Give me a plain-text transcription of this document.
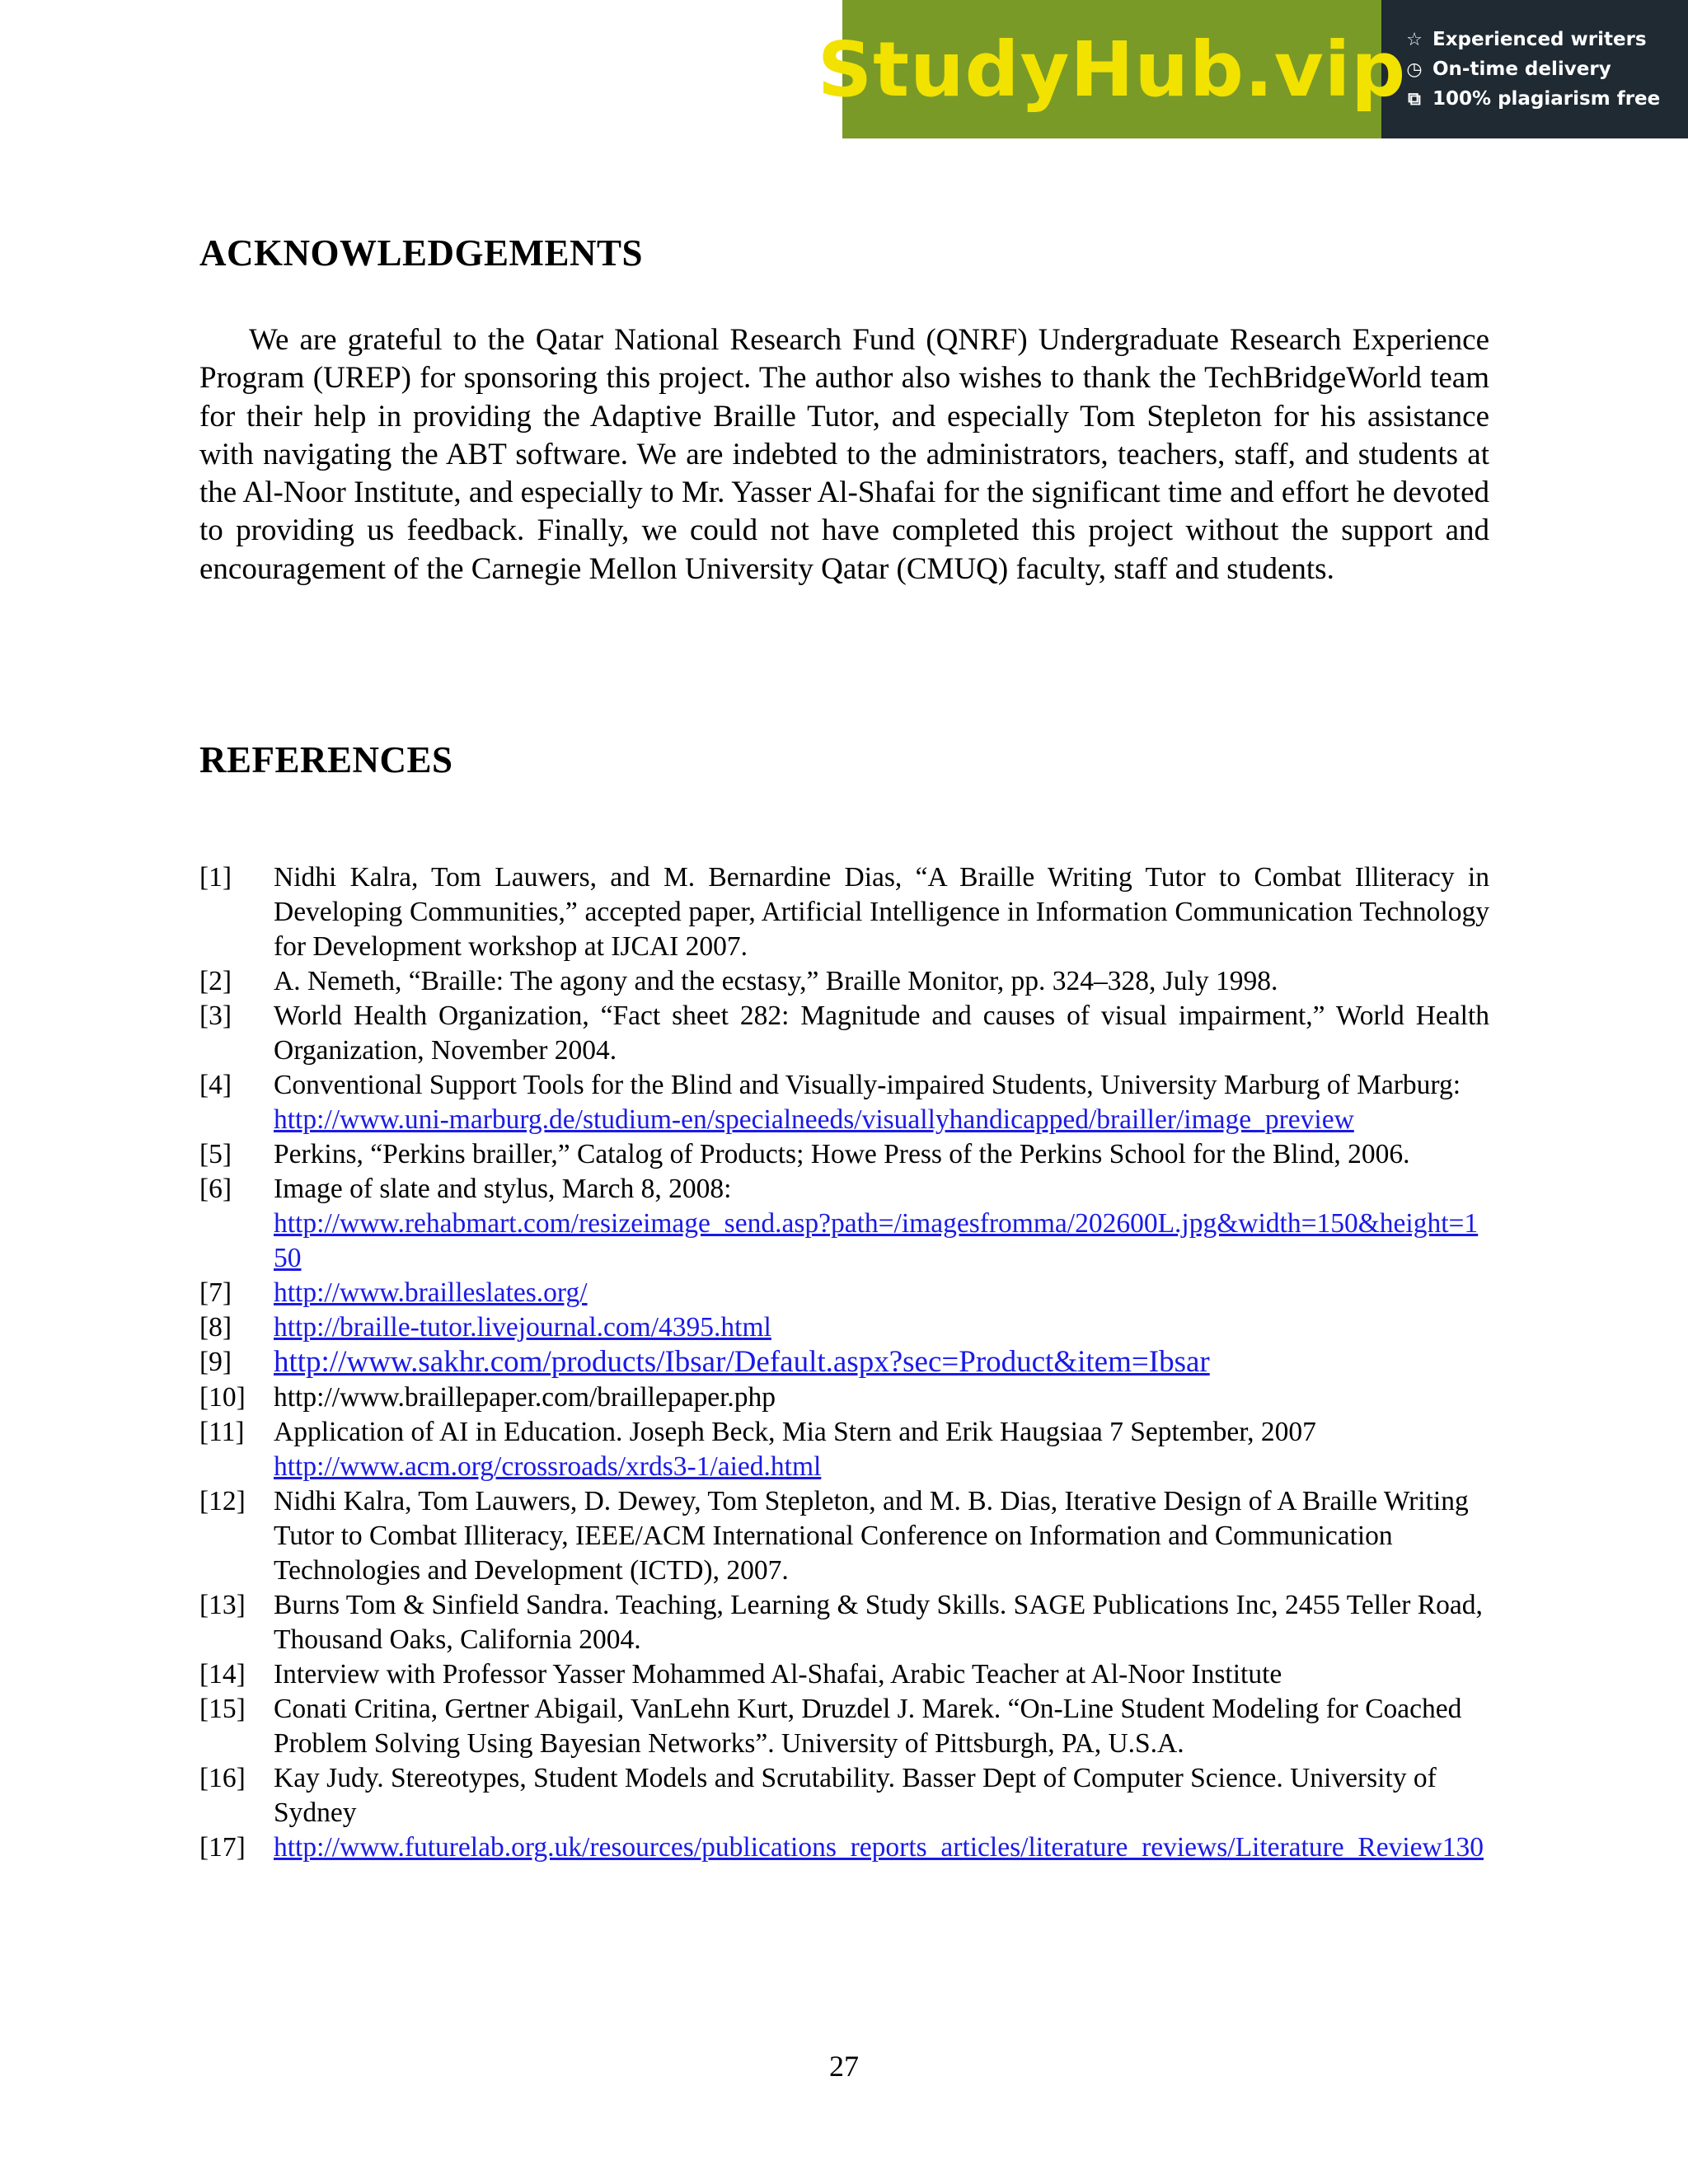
StudyHub.vip ☆ Experienced writers
◷ On-time delivery
⧉ 100% plagiarism free
ACKNOWLEDGEMENTS

We are grateful to the Qatar National Research Fund (QNRF) Undergraduate Research Experience Program (UREP) for sponsoring this project. The author also wishes to thank the TechBridgeWorld team for their help in providing the Adaptive Braille Tutor, and especially Tom Stepleton for his assistance with navigating the ABT software. We are indebted to the administrators, teachers, staff, and students at the Al-Noor Institute, and especially to Mr. Yasser Al-Shafai for the significant time and effort he devoted to providing us feedback. Finally, we could not have completed this project without the support and encouragement of the Carnegie Mellon University Qatar (CMUQ) faculty, staff and students.

REFERENCES
[1]	Nidhi Kalra, Tom Lauwers, and M. Bernardine Dias, “A Braille Writing Tutor to Combat Illiteracy in Developing Communities,” accepted paper, Artificial Intelligence in Information Communication Technology for Development workshop at IJCAI 2007.
[2]	A. Nemeth, “Braille: The agony and the ecstasy,” Braille Monitor, pp. 324–328, July 1998.
[3]	World Health Organization, “Fact sheet 282: Magnitude and causes of visual impairment,” World Health Organization, November 2004.
[4]	Conventional Support Tools for the Blind and Visually-impaired Students, University Marburg of Marburg:
http://www.uni-marburg.de/studium-en/specialneeds/visuallyhandicapped/brailler/image_preview
[5]	Perkins, “Perkins brailler,” Catalog of Products; Howe Press of the Perkins School for the Blind, 2006.
[6]	Image of slate and stylus, March 8, 2008:
http://www.rehabmart.com/resizeimage_send.asp?path=/imagesfromma/202600L.jpg&width=150&height=150
[7]	http://www.brailleslates.org/
[8]	http://braille-tutor.livejournal.com/4395.html
[9]	http://www.sakhr.com/products/Ibsar/Default.aspx?sec=Product&item=Ibsar
[10]	http://www.braillepaper.com/braillepaper.php
[11]	Application of AI in Education. Joseph Beck, Mia Stern and Erik Haugsiaa 7 September, 2007
http://www.acm.org/crossroads/xrds3-1/aied.html
[12]	Nidhi Kalra, Tom Lauwers, D. Dewey, Tom Stepleton, and M. B. Dias, Iterative Design of A Braille Writing Tutor to Combat Illiteracy, IEEE/ACM International Conference on Information and Communication Technologies and Development (ICTD), 2007.
[13]	Burns Tom & Sinfield Sandra. Teaching, Learning & Study Skills. SAGE Publications Inc, 2455 Teller Road, Thousand Oaks, California 2004.
[14]	Interview with Professor Yasser Mohammed Al-Shafai, Arabic Teacher at Al-Noor Institute
[15]	Conati Critina, Gertner Abigail, VanLehn Kurt, Druzdel J. Marek. “On-Line Student Modeling for Coached Problem Solving Using Bayesian Networks”. University of Pittsburgh, PA, U.S.A.
[16]	Kay Judy. Stereotypes, Student Models and Scrutability. Basser Dept of Computer Science. University of Sydney
[17]	http://www.futurelab.org.uk/resources/publications_reports_articles/literature_reviews/Literature_Review130
27
